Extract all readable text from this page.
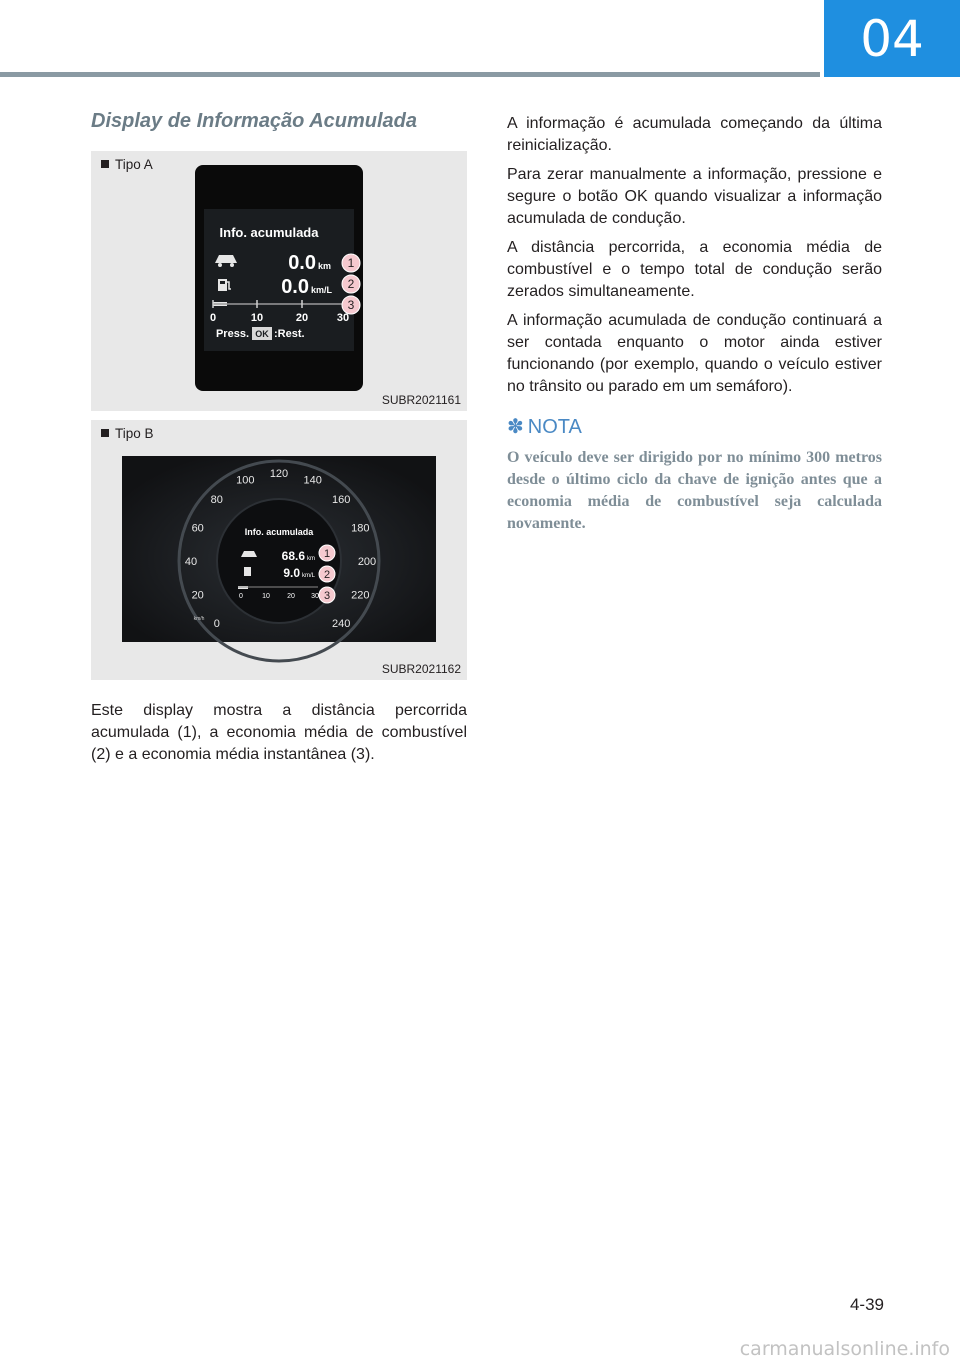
04
Display de Informação Acumulada
Tipo A
Info. acumulada
0.0 km
0.0 km/L
0	10	20	30
Press. OK :Rest.
1
2
3
SUBR2021161
Tipo B
0
20
40
60
80
100
120
140
160
180
200
220
240
Info. acumulada
68.6 km
9.0 km/L
0	10 20 30
km/h
1
2
3
SUBR2021162

Este display mostra a distância percorrida acumulada (1), a economia média de combustível (2) e a economia média instantânea (3).

A informação é acumulada começando da última reinicialização.

Para zerar manualmente a informação, pressione e segure o botão OK quando visualizar a informação acumulada de condução.

A distância percorrida, a economia média de combustível e o tempo total de condução serão zerados simultaneamente.

A informação acumulada de condução continuará a ser contada enquanto o motor ainda estiver funcionando (por exemplo, quando o veículo estiver no trânsito ou parado em um semáforo).

✽ NOTA

O veículo deve ser dirigido por no mínimo 300 metros desde o último ciclo da chave de ignição antes que a economia média de combustível seja calculada novamente.

4-39
carmanualsonline.info
